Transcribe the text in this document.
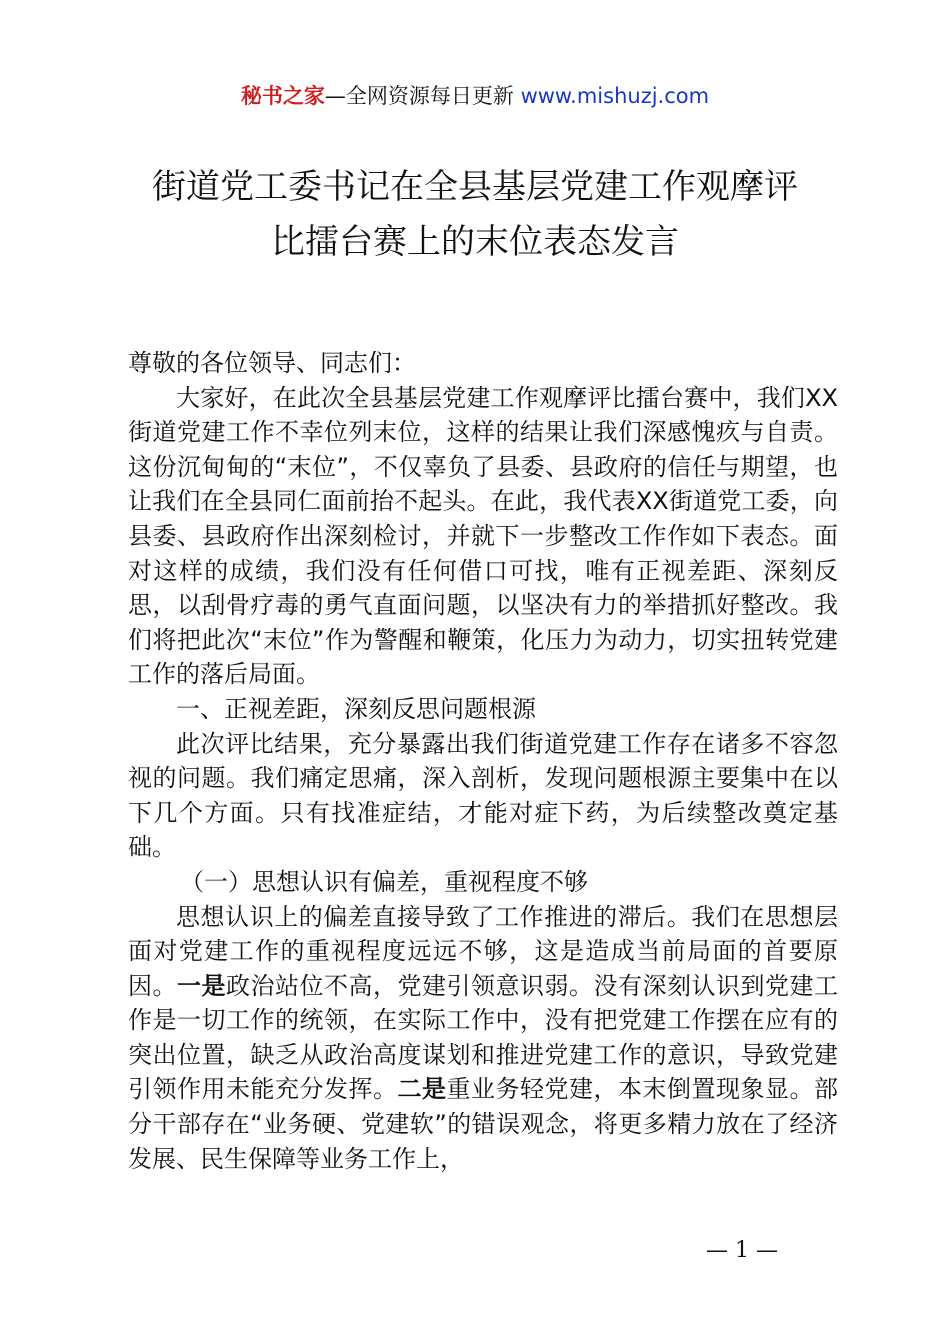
秘书之家—全网资源每日更新 www.mishuzj.com
街道党工委书记在全县基层党建工作观摩评
比擂台赛上的末位表态发言

尊敬的各位领导、同志们：

大家好，在此次全县基层党建工作观摩评比擂台赛中，我们XX街道党建工作不幸位列末位，这样的结果让我们深感愧疚与自责。这份沉甸甸的“末位”，不仅辜负了县委、县政府的信任与期望，也让我们在全县同仁面前抬不起头。在此，我代表XX街道党工委，向县委、县政府作出深刻检讨，并就下一步整改工作作如下表态。面对这样的成绩，我们没有任何借口可找，唯有正视差距、深刻反思，以刮骨疗毒的勇气直面问题，以坚决有力的举措抓好整改。我们将把此次“末位”作为警醒和鞭策，化压力为动力，切实扭转党建工作的落后局面。

一、正视差距，深刻反思问题根源

此次评比结果，充分暴露出我们街道党建工作存在诸多不容忽视的问题。我们痛定思痛，深入剖析，发现问题根源主要集中在以下几个方面。只有找准症结，才能对症下药，为后续整改奠定基础。

（一）思想认识有偏差，重视程度不够

思想认识上的偏差直接导致了工作推进的滞后。我们在思想层面对党建工作的重视程度远远不够，这是造成当前局面的首要原因。一是政治站位不高，党建引领意识弱。没有深刻认识到党建工作是一切工作的统领，在实际工作中，没有把党建工作摆在应有的突出位置，缺乏从政治高度谋划和推进党建工作的意识，导致党建引领作用未能充分发挥。二是重业务轻党建，本末倒置现象显。部分干部存在“业务硬、党建软”的错误观念，将更多精力放在了经济发展、民生保障等业务工作上，

— 1 —
